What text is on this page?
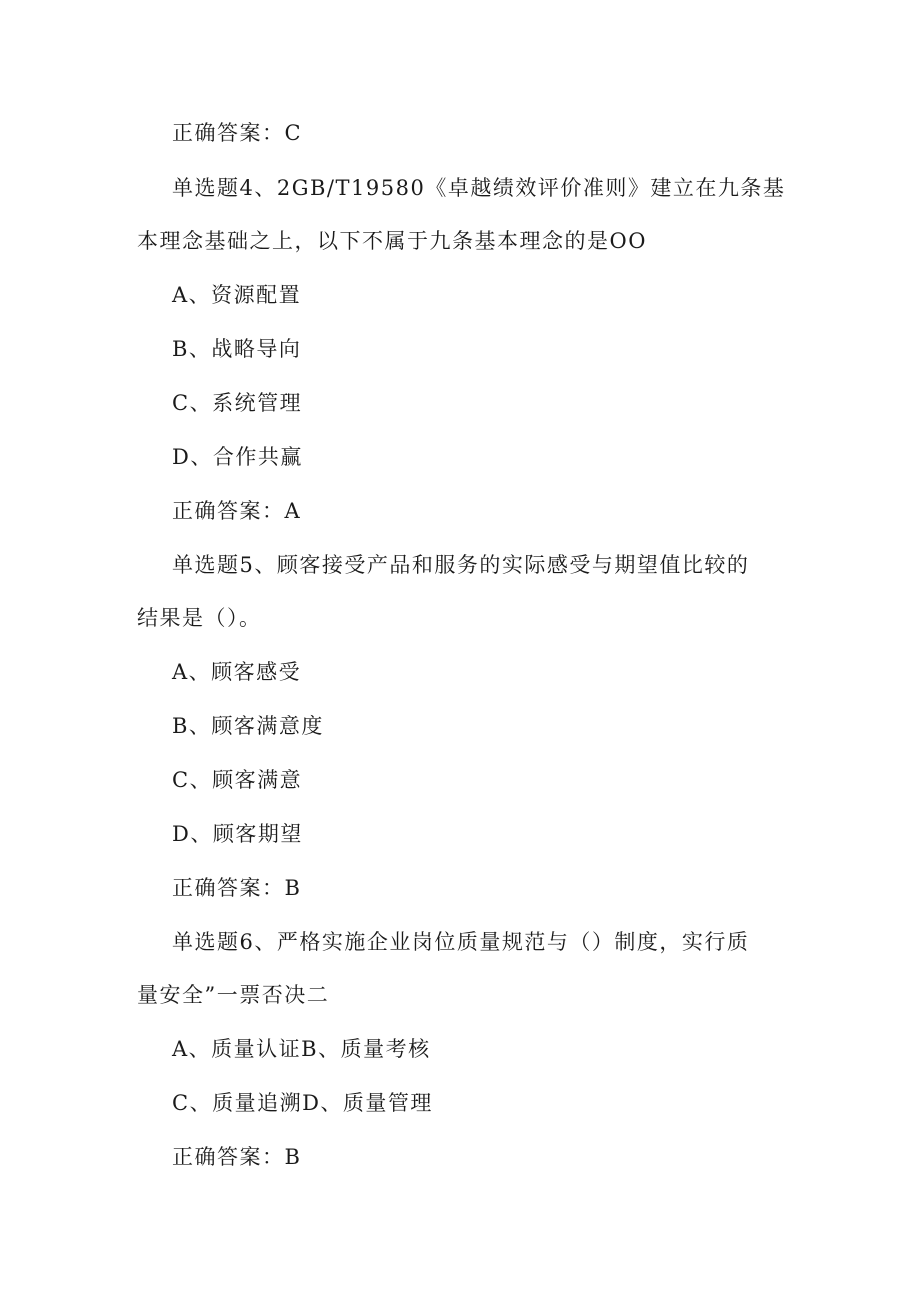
正确答案：C
单选题4、2GB/T19580《卓越绩效评价准则》建立在九条基
本理念基础之上，以下不属于九条基本理念的是OO
A、资源配置
B、战略导向
C、系统管理
D、合作共赢
正确答案：A
单选题5、顾客接受产品和服务的实际感受与期望值比较的
结果是（）。
A、顾客感受
B、顾客满意度
C、顾客满意
D、顾客期望
正确答案：B
单选题6、严格实施企业岗位质量规范与（）制度，实行质
量安全”一票否决二
A、质量认证B、质量考核
C、质量追溯D、质量管理
正确答案：B
